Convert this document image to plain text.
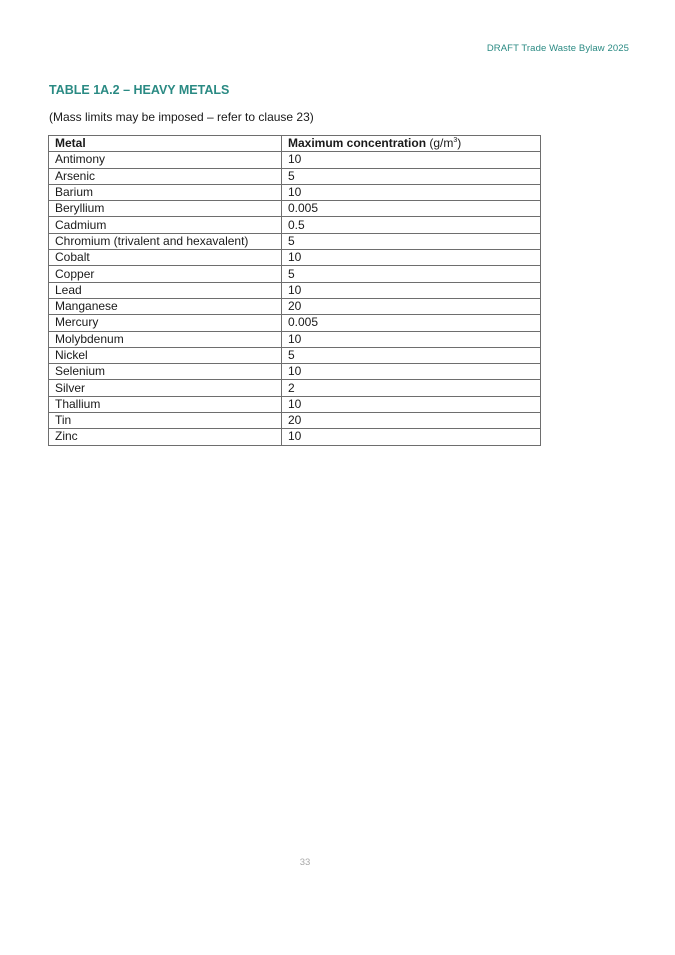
DRAFT Trade Waste Bylaw 2025
TABLE 1A.2 – HEAVY METALS

(Mass limits may be imposed – refer to clause 23)

Metal	Maximum concentration $(g/m^3)$
Antimony	10
Arsenic	5
Barium	10
Beryllium	0.005
Cadmium	0.5
Chromium (trivalent and hexavalent)	5
Cobalt	10
Copper	5
Lead	10
Manganese	20
Mercury	0.005
Molybdenum	10
Nickel	5
Selenium	10
Silver	2
Thallium	10
Tin	20
Zinc	10
33
